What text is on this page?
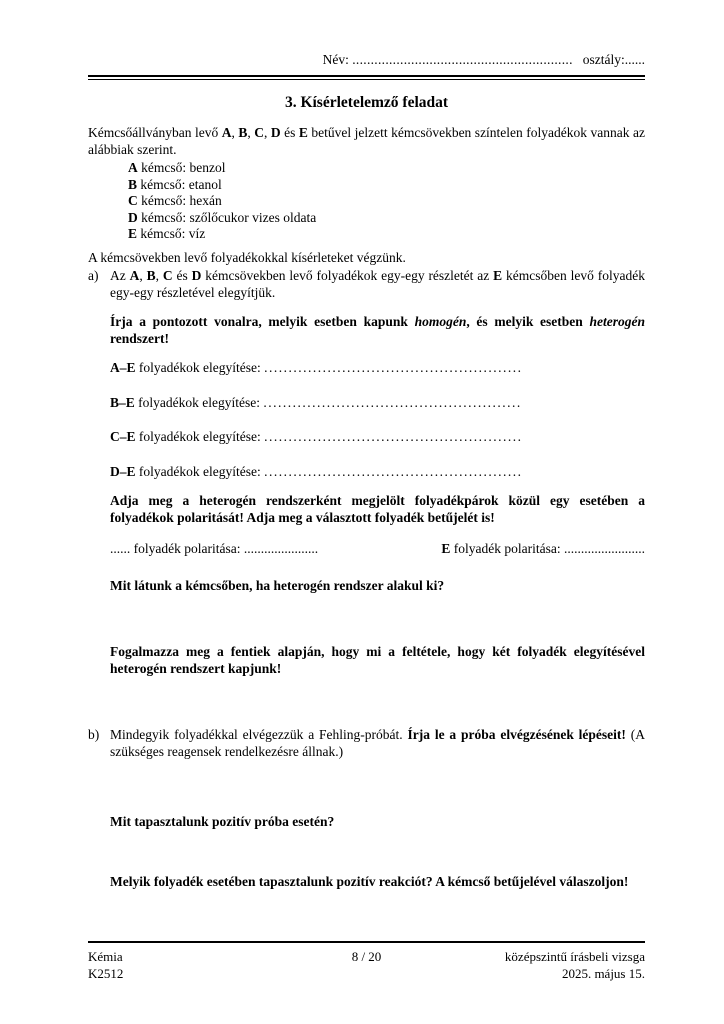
Név: ............................................................ osztály:......
3. Kísérletelemző feladat

Kémcsőállványban levő A, B, C, D és E betűvel jelzett kémcsövekben színtelen folyadékok vannak az alábbiak szerint.

A kémcső: benzol
B kémcső: etanol
C kémcső: hexán
D kémcső: szőlőcukor vizes oldata
E kémcső: víz

A kémcsövekben levő folyadékokkal kísérleteket végzünk.

a) Az A, B, C és D kémcsövekben levő folyadékok egy-egy részletét az E kémcsőben levő folyadék egy-egy részletével elegyítjük.

Írja a pontozott vonalra, melyik esetben kapunk homogén, és melyik esetben heterogén rendszert!

A–E folyadékok elegyítése: .....................................................
B–E folyadékok elegyítése: .....................................................
C–E folyadékok elegyítése: .....................................................
D–E folyadékok elegyítése: .....................................................

Adja meg a heterogén rendszerként megjelölt folyadékpárok közül egy esetében a folyadékok polaritását! Adja meg a választott folyadék betűjelét is!

...... folyadék polaritása: ......................	E folyadék polaritása: ........................

Mit látunk a kémcsőben, ha heterogén rendszer alakul ki?

Fogalmazza meg a fentiek alapján, hogy mi a feltétele, hogy két folyadék elegyítésével heterogén rendszert kapjunk!

b) Mindegyik folyadékkal elvégezzük a Fehling-próbát. Írja le a próba elvégzésének lépéseit! (A szükséges reagensek rendelkezésre állnak.)

Mit tapasztalunk pozitív próba esetén?

Melyik folyadék esetében tapasztalunk pozitív reakciót? A kémcső betűjelével válaszoljon!

Kémia
K2512
8 / 20	középszintű írásbeli vizsga
2025. május 15.
